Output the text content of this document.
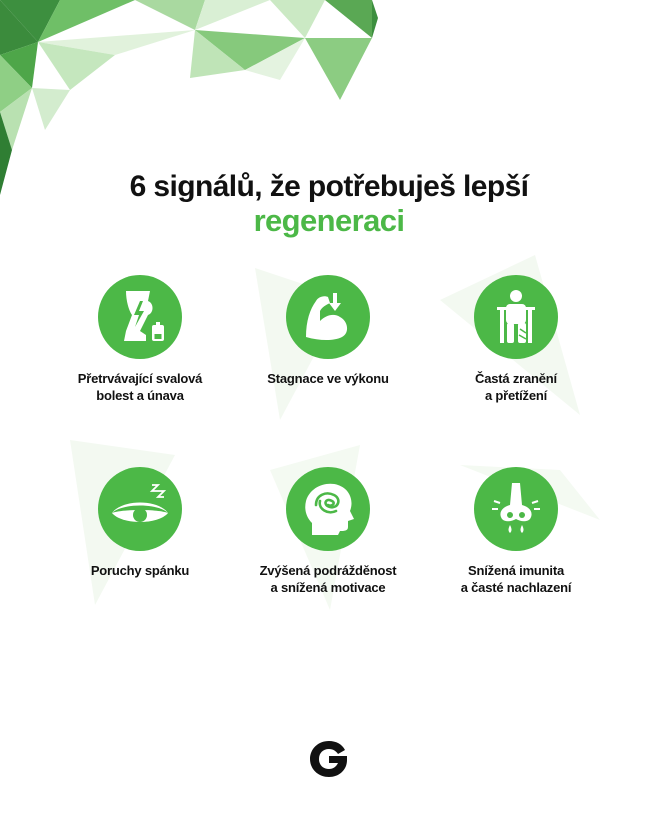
6 signálů, že potřebuješ lepší
regeneraci
Přetrvávající svalová
bolest a únava
Stagnace ve výkonu	Častá zranění
a přetížení
Poruchy spánku	Zvýšená podrážděnost
a snížená motivace
Snížená imunita
a časté nachlazení
